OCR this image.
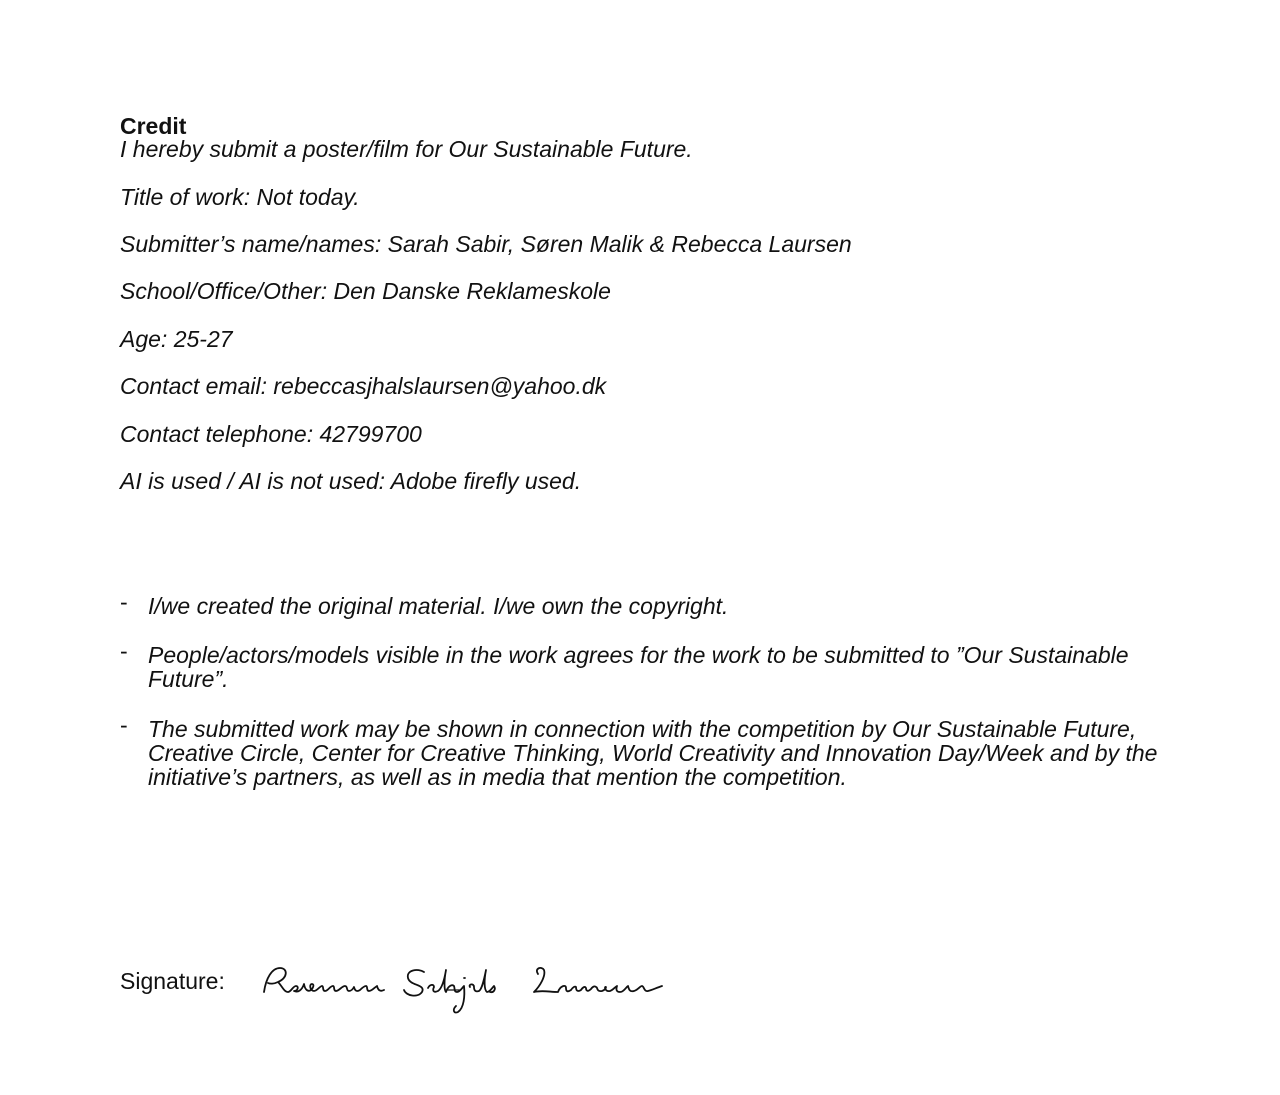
Credit
I hereby submit a poster/film for Our Sustainable Future.
Title of work: Not today.
Submitter’s name/names: Sarah Sabir, Søren Malik & Rebecca Laursen
School/Office/Other: Den Danske Reklameskole
Age: 25-27
Contact email: rebeccasjhalslaursen@yahoo.dk
Contact telephone: 42799700
AI is used / AI is not used: Adobe firefly used.
- I/we created the original material. I/we own the copyright.
- People/actors/models visible in the work agrees for the work to be submitted to ”Our Sustainable Future”.
- The submitted work may be shown in connection with the competition by Our Sustainable Future, Creative Circle, Center for Creative Thinking, World Creativity and Innovation Day/Week and by the initiative’s partners, as well as in media that mention the competition.
Signature:
